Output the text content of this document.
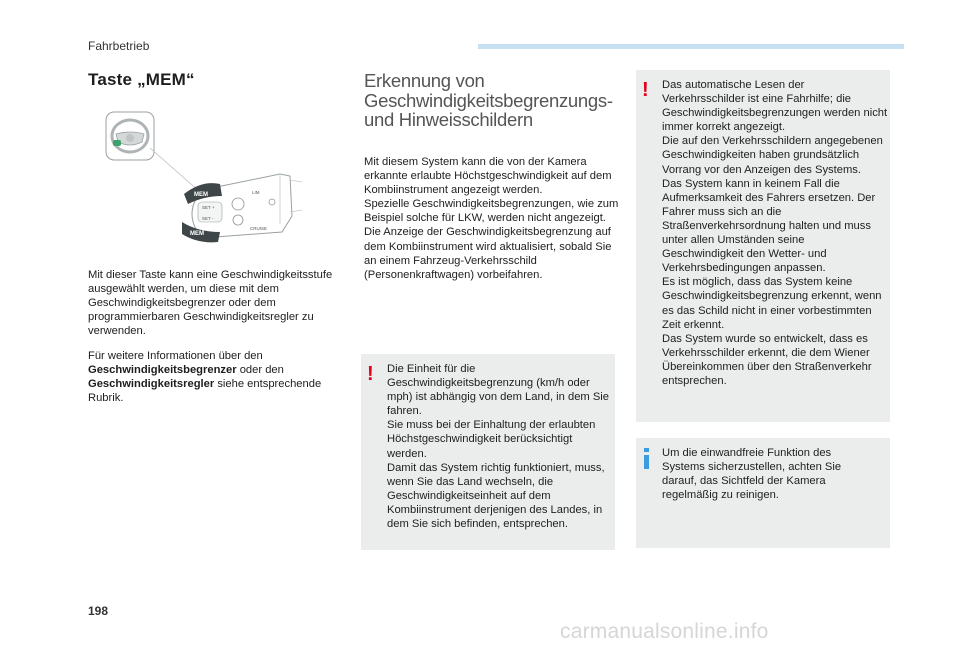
Fahrbetrieb
Taste „MEM“
MEM
MEM
SET +
SET -
LIM
CRUISE
Mit dieser Taste kann eine Geschwindigkeitsstufe ausgewählt werden, um diese mit dem Geschwindigkeitsbegrenzer oder dem programmierbaren Geschwindigkeitsregler zu verwenden.
Für weitere Informationen über den Geschwindigkeitsbegrenzer oder den Geschwindigkeitsregler siehe entsprechende Rubrik.
Erkennung von Geschwindigkeitsbegrenzungs- und Hinweisschildern
Mit diesem System kann die von der Kamera erkannte erlaubte Höchstgeschwindigkeit auf dem Kombiinstrument angezeigt werden.
Spezielle Geschwindigkeitsbegrenzungen, wie zum Beispiel solche für LKW, werden nicht angezeigt.
Die Anzeige der Geschwindigkeitsbegrenzung auf dem Kombiinstrument wird aktualisiert, sobald Sie an einem Fahrzeug-Verkehrsschild (Personenkraftwagen) vorbeifahren.
! Die Einheit für die Geschwindigkeitsbegrenzung (km/h oder mph) ist abhängig von dem Land, in dem Sie fahren.
Sie muss bei der Einhaltung der erlaubten Höchstgeschwindigkeit berücksichtigt werden.
Damit das System richtig funktioniert, muss, wenn Sie das Land wechseln, die Geschwindigkeitseinheit auf dem Kombiinstrument derjenigen des Landes, in dem Sie sich befinden, entsprechen.
! Das automatische Lesen der Verkehrsschilder ist eine Fahrhilfe; die Geschwindigkeitsbegrenzungen werden nicht immer korrekt angezeigt.
Die auf den Verkehrsschildern angegebenen Geschwindigkeiten haben grundsätzlich Vorrang vor den Anzeigen des Systems.
Das System kann in keinem Fall die Aufmerksamkeit des Fahrers ersetzen. Der Fahrer muss sich an die Straßenverkehrsordnung halten und muss unter allen Umständen seine Geschwindigkeit den Wetter- und Verkehrsbedingungen anpassen.
Es ist möglich, dass das System keine Geschwindigkeitsbegrenzung erkennt, wenn es das Schild nicht in einer vorbestimmten Zeit erkennt.
Das System wurde so entwickelt, dass es Verkehrsschilder erkennt, die dem Wiener Übereinkommen über den Straßenverkehr entsprechen.
Um die einwandfreie Funktion des Systems sicherzustellen, achten Sie darauf, das Sichtfeld der Kamera regelmäßig zu reinigen.
198
carmanualsonline.info
